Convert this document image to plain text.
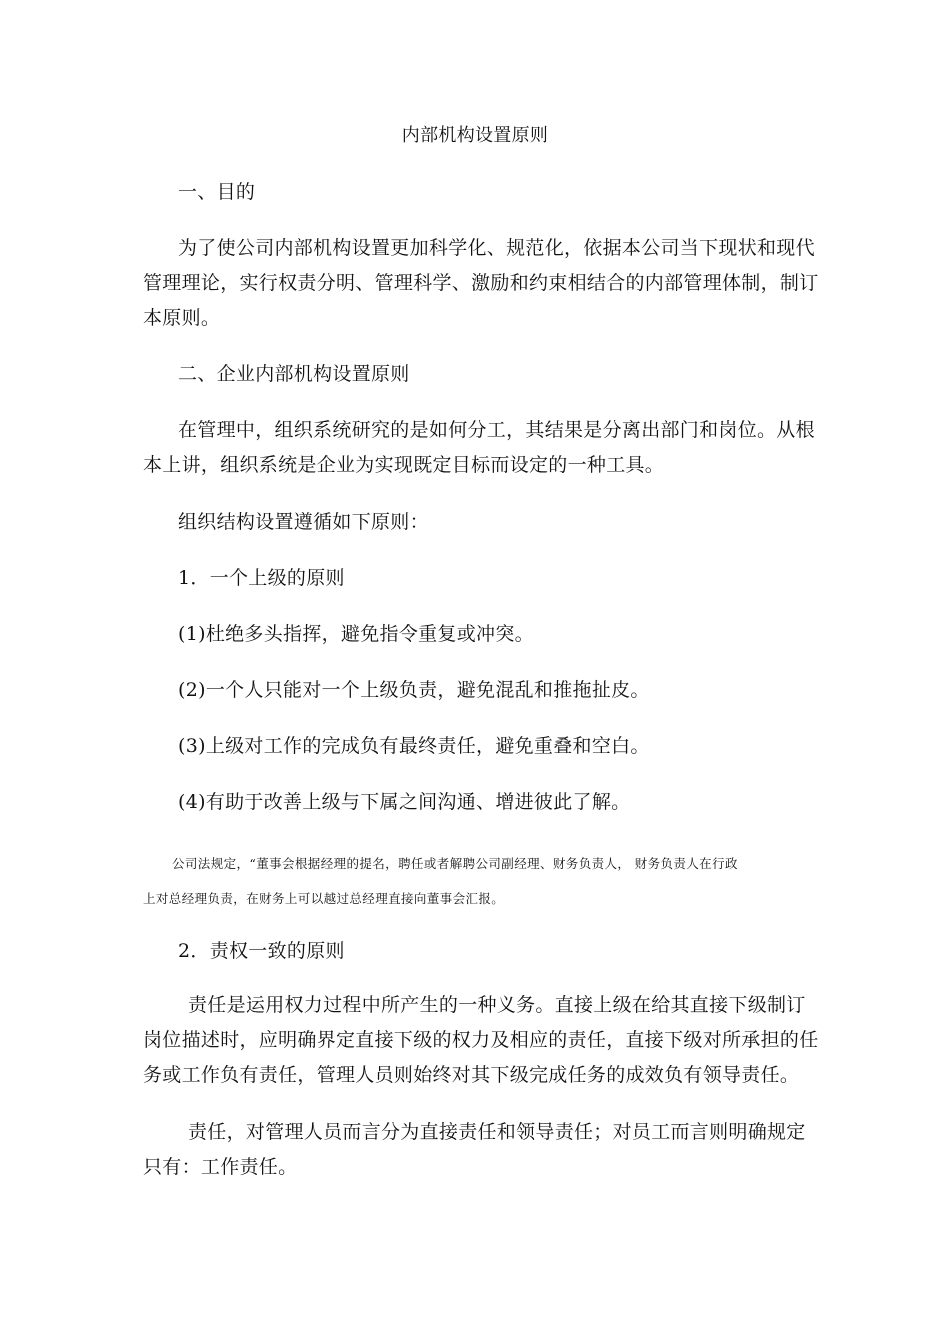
内部机构设置原则
一、目的
为了使公司内部机构设置更加科学化、规范化，依据本公司当下现状和现代
管理理论，实行权责分明、管理科学、激励和约束相结合的内部管理体制，制订
本原则。
二、企业内部机构设置原则
在管理中，组织系统研究的是如何分工，其结果是分离出部门和岗位。从根
本上讲，组织系统是企业为实现既定目标而设定的一种工具。
组织结构设置遵循如下原则：
1．一个上级的原则
(1)杜绝多头指挥，避免指令重复或冲突。
(2)一个人只能对一个上级负责，避免混乱和推拖扯皮。
(3)上级对工作的完成负有最终责任，避免重叠和空白。
(4)有助于改善上级与下属之间沟通、增进彼此了解。
公司法规定，“董事会根据经理的提名，聘任或者解聘公司副经理、财务负责人， 财务负责人在行政
上对总经理负责，在财务上可以越过总经理直接向董事会汇报。
2．责权一致的原则
责任是运用权力过程中所产生的一种义务。直接上级在给其直接下级制订
岗位描述时，应明确界定直接下级的权力及相应的责任，直接下级对所承担的任
务或工作负有责任，管理人员则始终对其下级完成任务的成效负有领导责任。
责任，对管理人员而言分为直接责任和领导责任；对员工而言则明确规定
只有：工作责任。
